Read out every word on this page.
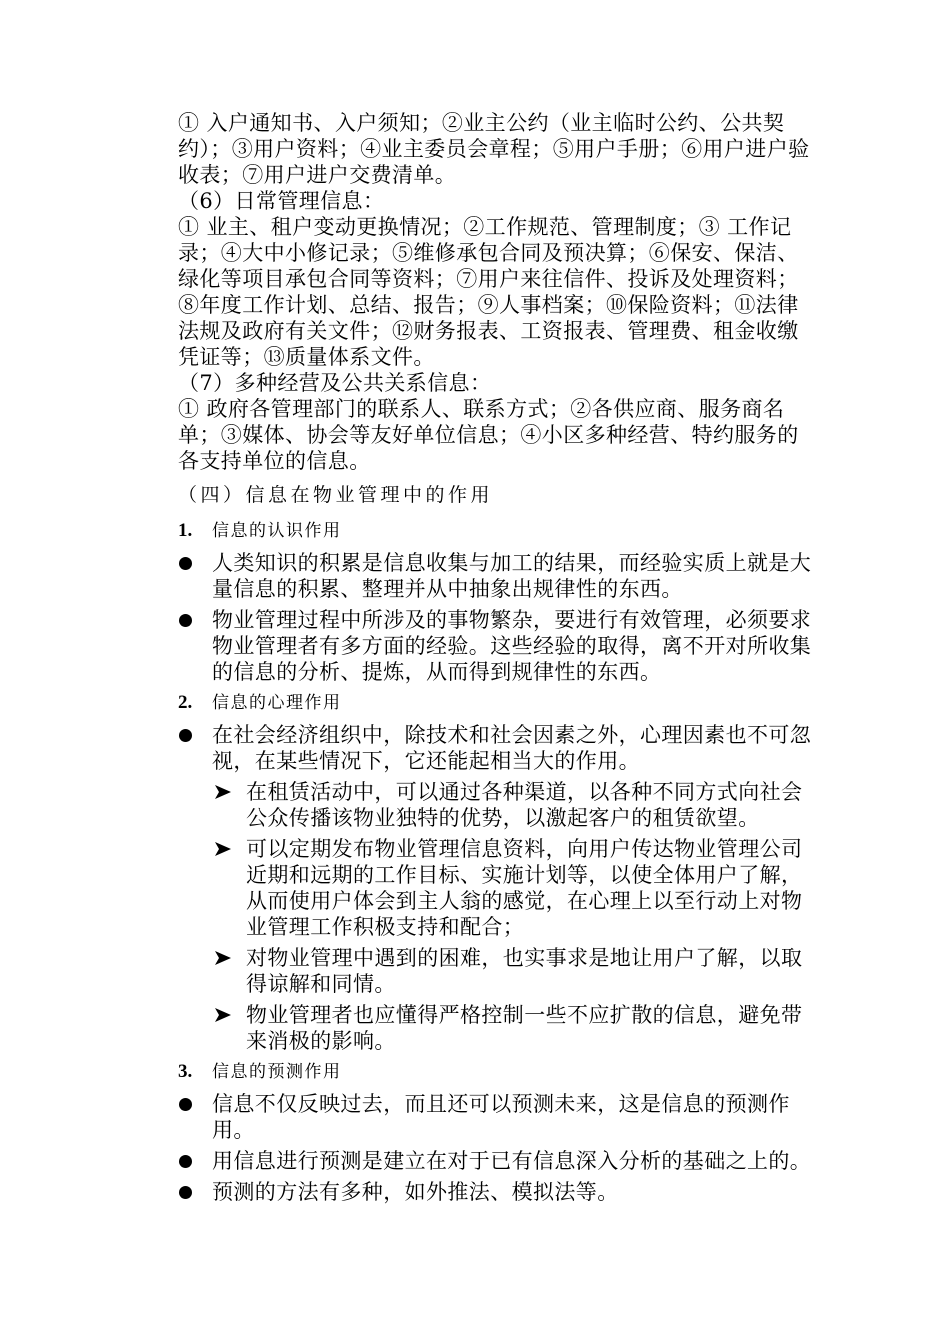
① 入户通知书、入户须知；②业主公约（业主临时公约、公共契约）；③用户资料；④业主委员会章程；⑤用户手册；⑥用户进户验收表；⑦用户进户交费清单。

（6）日常管理信息：

① 业主、租户变动更换情况；②工作规范、管理制度；③ 工作记录；④大中小修记录；⑤维修承包合同及预决算；⑥保安、保洁、绿化等项目承包合同等资料；⑦用户来往信件、投诉及处理资料；⑧年度工作计划、总结、报告；⑨人事档案；⑩保险资料；⑪法律法规及政府有关文件；⑫财务报表、工资报表、管理费、租金收缴凭证等；⑬质量体系文件。

（7）多种经营及公共关系信息：

① 政府各管理部门的联系人、联系方式；②各供应商、服务商名单；③媒体、协会等友好单位信息；④小区多种经营、特约服务的各支持单位的信息。

（四）信息在物业管理中的作用
1. 信息的认识作用
人类知识的积累是信息收集与加工的结果，而经验实质上就是大量信息的积累、整理并从中抽象出规律性的东西。
物业管理过程中所涉及的事物繁杂，要进行有效管理，必须要求物业管理者有多方面的经验。这些经验的取得，离不开对所收集的信息的分析、提炼，从而得到规律性的东西。
2. 信息的心理作用
在社会经济组织中，除技术和社会因素之外，心理因素也不可忽视，在某些情况下，它还能起相当大的作用。
在租赁活动中，可以通过各种渠道，以各种不同方式向社会公众传播该物业独特的优势，以激起客户的租赁欲望。
可以定期发布物业管理信息资料，向用户传达物业管理公司近期和远期的工作目标、实施计划等，以使全体用户了解，从而使用户体会到主人翁的感觉，在心理上以至行动上对物业管理工作积极支持和配合；
对物业管理中遇到的困难，也实事求是地让用户了解，以取得谅解和同情。
物业管理者也应懂得严格控制一些不应扩散的信息，避免带来消极的影响。
3. 信息的预测作用
信息不仅反映过去，而且还可以预测未来，这是信息的预测作用。
用信息进行预测是建立在对于已有信息深入分析的基础之上的。
预测的方法有多种，如外推法、模拟法等。
